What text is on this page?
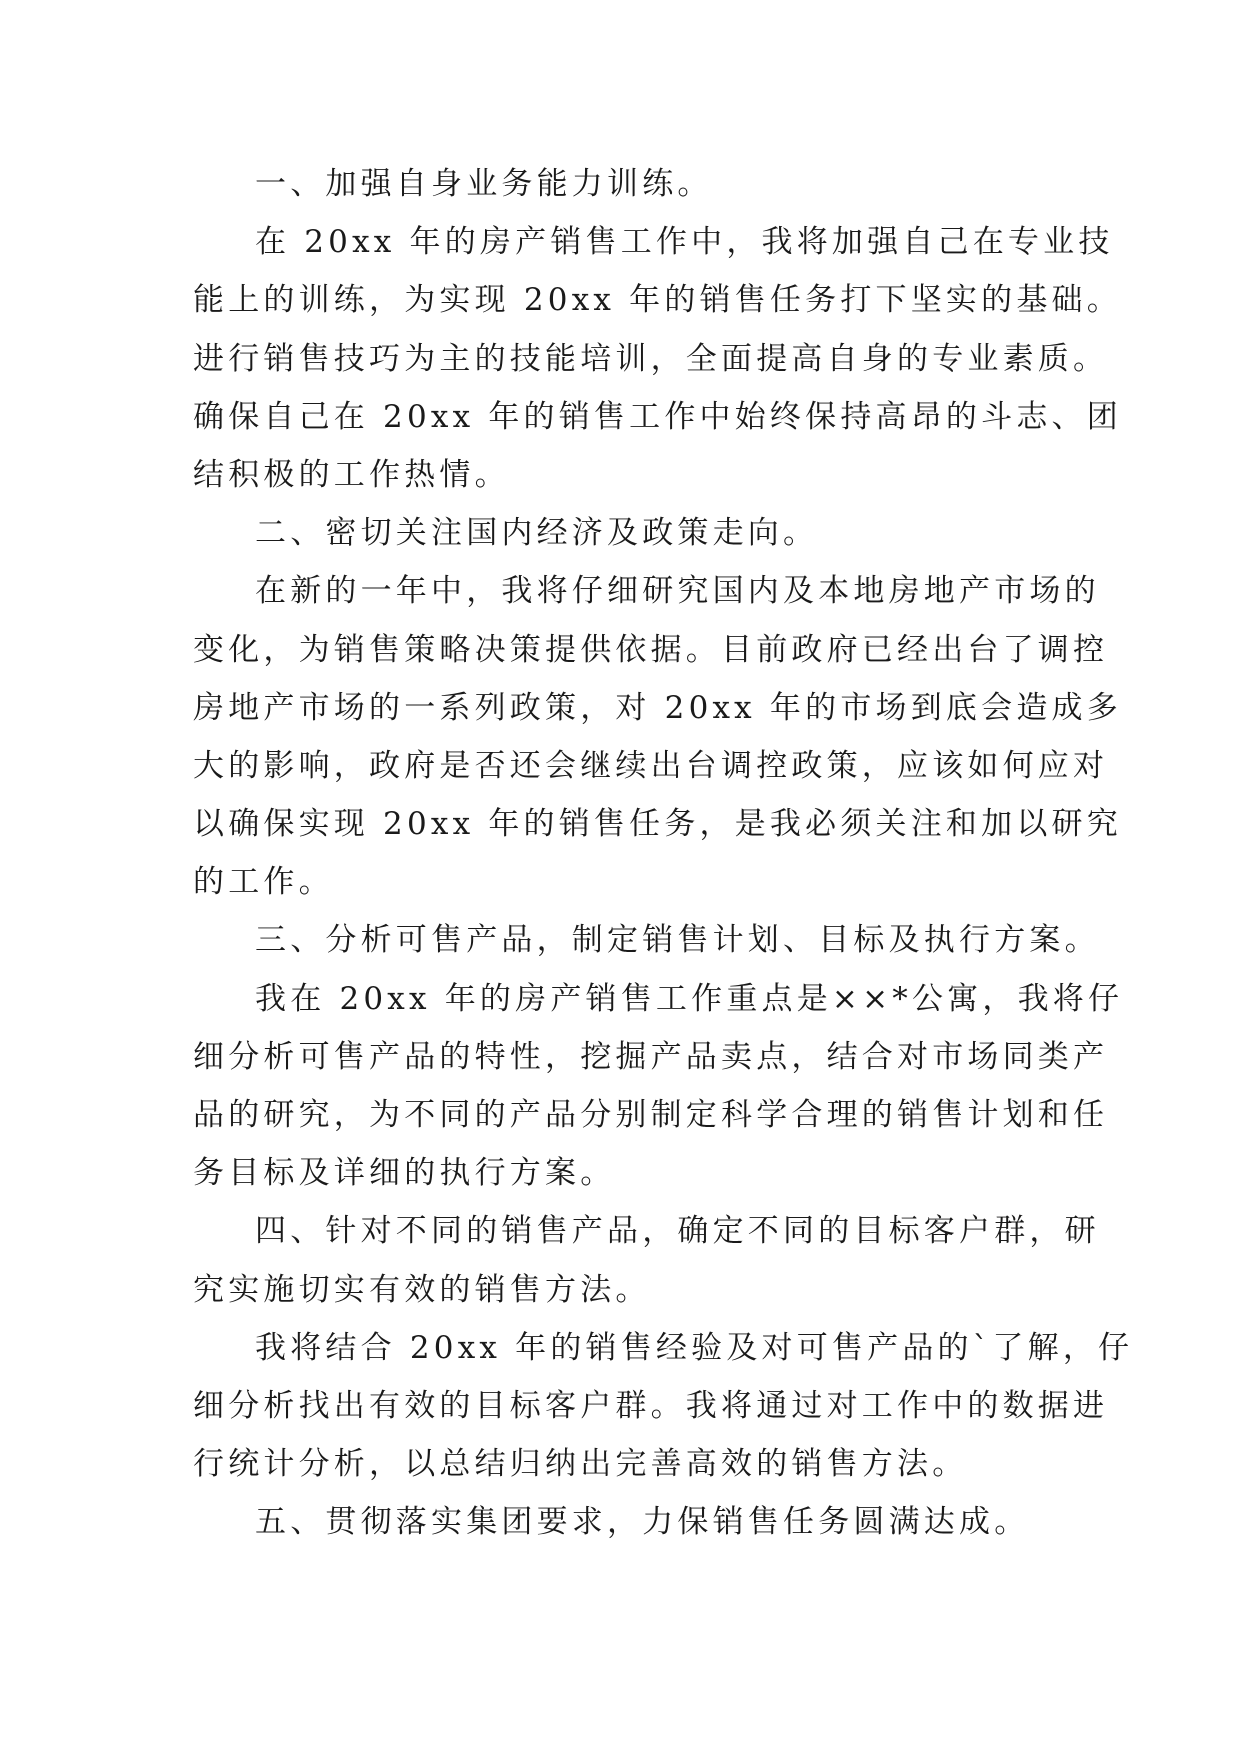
一、加强自身业务能力训练。
在 20xx 年的房产销售工作中，我将加强自己在专业技
能上的训练，为实现 20xx 年的销售任务打下坚实的基础。
进行销售技巧为主的技能培训，全面提高自身的专业素质。
确保自己在 20xx 年的销售工作中始终保持高昂的斗志、团
结积极的工作热情。
二、密切关注国内经济及政策走向。
在新的一年中，我将仔细研究国内及本地房地产市场的
变化，为销售策略决策提供依据。目前政府已经出台了调控
房地产市场的一系列政策，对 20xx 年的市场到底会造成多
大的影响，政府是否还会继续出台调控政策，应该如何应对
以确保实现 20xx 年的销售任务，是我必须关注和加以研究
的工作。
三、分析可售产品，制定销售计划、目标及执行方案。
我在 20xx 年的房产销售工作重点是××*公寓，我将仔
细分析可售产品的特性，挖掘产品卖点，结合对市场同类产
品的研究，为不同的产品分别制定科学合理的销售计划和任
务目标及详细的执行方案。
四、针对不同的销售产品，确定不同的目标客户群，研
究实施切实有效的销售方法。
我将结合 20xx 年的销售经验及对可售产品的`了解，仔
细分析找出有效的目标客户群。我将通过对工作中的数据进
行统计分析，以总结归纳出完善高效的销售方法。
五、贯彻落实集团要求，力保销售任务圆满达成。
